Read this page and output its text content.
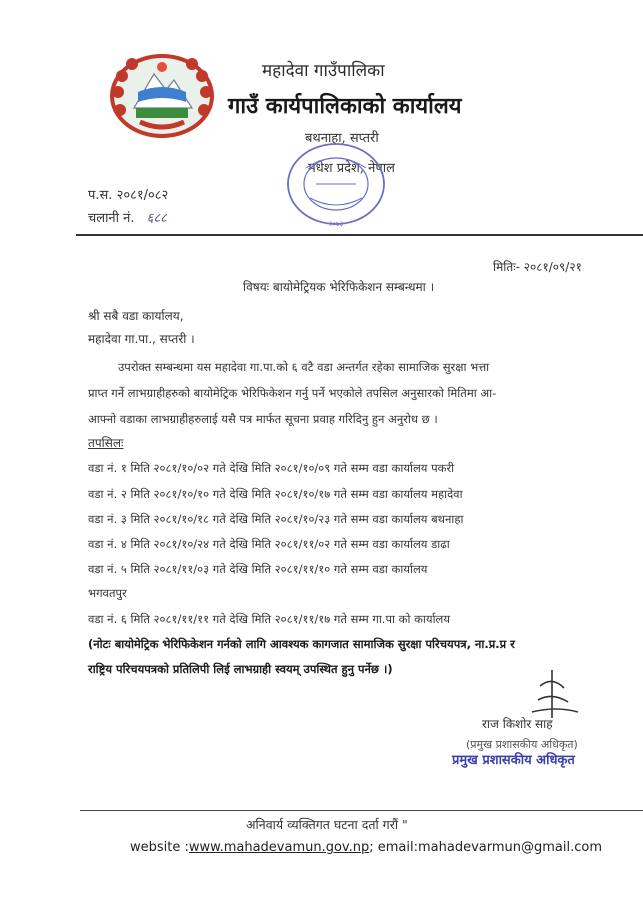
महादेवा गाउँपालिका
गाउँ कार्यपालिकाको कार्यालय
बथनाहा, सप्तरी
मधेश प्रदेश, नेपाल
२०७३
प.स. २०८१/०८२
चलानी नं. ६८८
मितिः- २०८१/०९/२१
विषयः बायोमेट्रियक भेरिफिकेशन सम्बन्धमा ।
श्री सबै वडा कार्यालय,
महादेवा गा.पा., सप्तरी ।
उपरोक्त सम्बन्धमा यस महादेवा गा.पा.को ६ वटै वडा अन्तर्गत रहेका सामाजिक सुरक्षा भत्ता
प्राप्त गर्ने लाभग्राहीहरुको बायोमेट्रिक भेरिफिकेशन गर्नु पर्ने भएकोले तपसिल अनुसारको मितिमा आ-
आफ्नो वडाका लाभग्राहीहरुलाई यसै पत्र मार्फत सूचना प्रवाह गरिदिनु हुन अनुरोध छ ।
तपसिलः
वडा नं. १ मिति २०८१/१०/०२ गते देखि मिति २०८१/१०/०९ गते सम्म वडा कार्यालय पकरी
वडा नं. २ मिति २०८१/१०/१० गते देखि मिति २०८१/१०/१७ गते सम्म वडा कार्यालय महादेवा
वडा नं. ३ मिति २०८१/१०/१८ गते देखि मिति २०८१/१०/२३ गते सम्म वडा कार्यालय बथनाहा
वडा नं. ४ मिति २०८१/१०/२४ गते देखि मिति २०८१/११/०२ गते सम्म वडा कार्यालय डाढा
वडा नं. ५ मिति २०८१/११/०३ गते देखि मिति २०८१/११/१० गते सम्म वडा कार्यालय
भगवतपुर
वडा नं. ६ मिति २०८१/११/११ गते देखि मिति २०८१/११/१७ गते सम्म गा.पा को कार्यालय
(नोटः बायोमेट्रिक भेरिफिकेशन गर्नको लागि आवश्यक कागजात सामाजिक सुरक्षा परिचयपत्र, ना.प्र.प्र र
राष्ट्रिय परिचयपत्रको प्रतिलिपी लिई लाभग्राही स्वयम् उपस्थित हुनु पर्नेछ ।)
राज किशोर साह
(प्रमुख प्रशासकीय अधिकृत)
प्रमुख प्रशासकीय अधिकृत
अनिवार्य व्यक्तिगत घटना दर्ता गरौं "
website :www.mahadevamun.gov.np; email:mahadevarmun@gmail.com
